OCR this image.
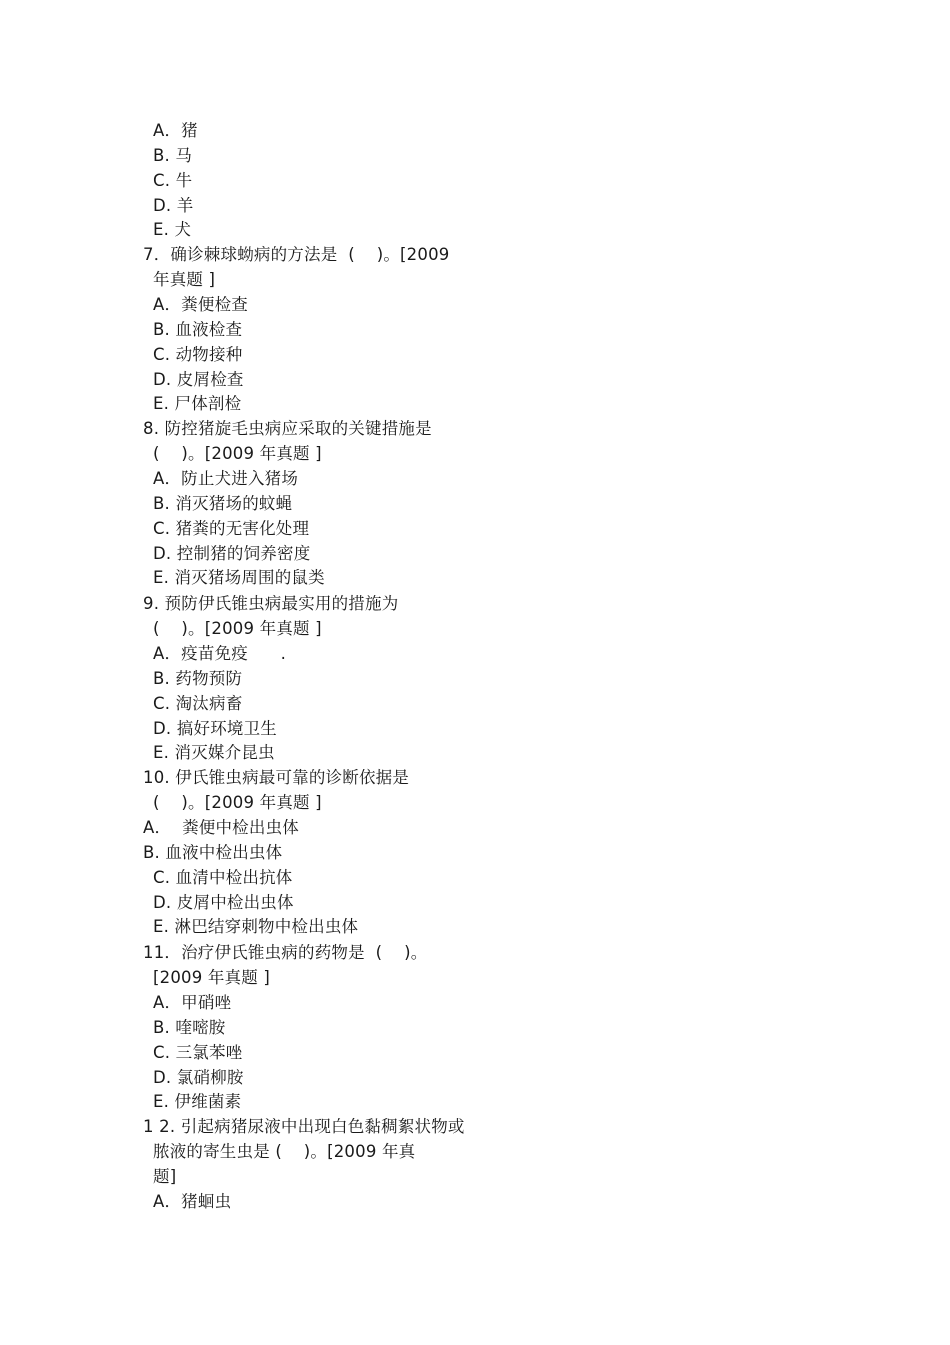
A．猪
B. 马
C. 牛
D. 羊
E. 犬
7．确诊棘球蚴病的方法是  (    )。[2009
年真题 ]
A．粪便检查
B. 血液检查
C. 动物接种
D. 皮屑检查
E. 尸体剖检
8. 防控猪旋毛虫病应采取的关键措施是
(    )。[2009 年真题 ]
A．防止犬进入猪场
B. 消灭猪场的蚊蝇
C. 猪粪的无害化处理
D. 控制猪的饲养密度
E. 消灭猪场周围的鼠类
9. 预防伊氏锥虫病最实用的措施为
(    )。[2009 年真题 ]
A．疫苗免疫      .
B. 药物预防
C. 淘汰病畜
D. 搞好环境卫生
E. 消灭媒介昆虫
10. 伊氏锥虫病最可靠的诊断依据是
(    )。[2009 年真题 ]
A．  粪便中检出虫体
B. 血液中检出虫体
C. 血清中检出抗体
D. 皮屑中检出虫体
E. 淋巴结穿刺物中检出虫体
11．治疗伊氏锥虫病的药物是  (    )。
[2009 年真题 ]
A．甲硝唑
B. 喹嘧胺
C. 三氯苯唑
D. 氯硝柳胺
E. 伊维菌素
1 2. 引起病猪尿液中出现白色黏稠絮状物或
脓液的寄生虫是 (    )。[2009 年真
题]
A．猪蛔虫
